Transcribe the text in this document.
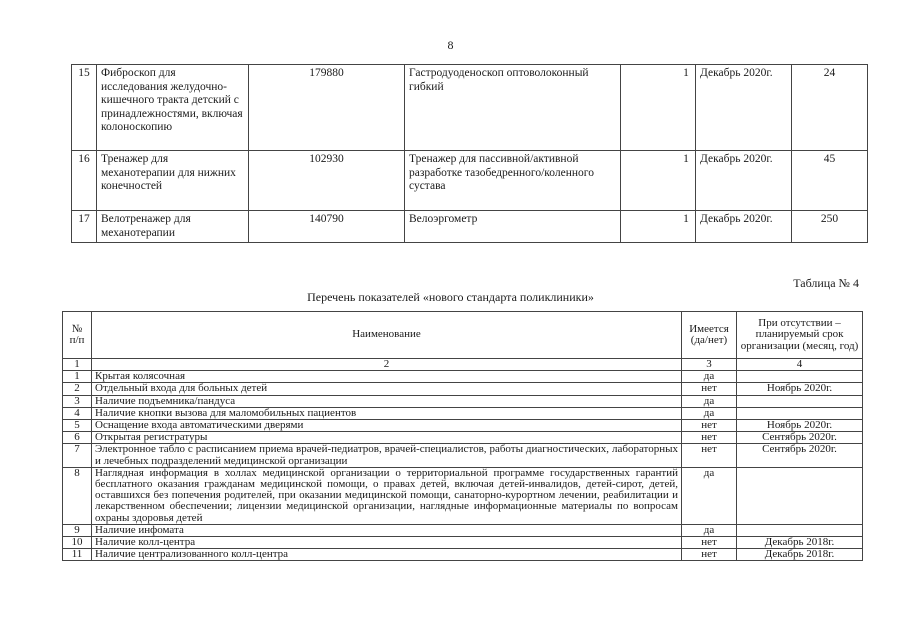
8
15	Фиброскоп для исследования желудочно-кишечного тракта детский с принадлежностями, включая колоноскопию	179880	Гастродуоденоскоп оптоволоконный гибкий	1	Декабрь 2020г.	24
16	Тренажер для механотерапии для нижних конечностей	102930	Тренажер для пассивной/активной разработке тазобедренного/коленного сустава	1	Декабрь 2020г.	45
17	Велотренажер для механотерапии	140790	Велоэргометр	1	Декабрь 2020г.	250
Таблица № 4
Перечень показателей «нового стандарта поликлиники»
№ п/п	Наименование	Имеется (да/нет)	При отсутствии – планируемый срок организации (месяц, год)
1	2	3	4
1	Крытая колясочная	да	
2	Отдельный входа для больных детей	нет	Ноябрь 2020г.
3	Наличие подъемника/пандуса	да	
4	Наличие кнопки вызова для маломобильных пациентов	да	
5	Оснащение входа автоматическими дверями	нет	Ноябрь 2020г.
6	Открытая регистратуры	нет	Сентябрь 2020г.
7	Электронное табло с расписанием приема врачей-педиатров, врачей-специалистов, работы диагностических, лабораторных и лечебных подразделений медицинской организации	нет	Сентябрь 2020г.
8	Наглядная информация в холлах медицинской организации о территориальной программе государственных гарантий бесплатного оказания гражданам медицинской помощи, о правах детей, включая детей-инвалидов, детей-сирот, детей, оставшихся без попечения родителей, при оказании медицинской помощи, санаторно-курортном лечении, реабилитации и лекарственном обеспечении; лицензии медицинской организации, наглядные информационные материалы по вопросам охраны здоровья детей	да	
9	Наличие инфомата	да	
10	Наличие колл-центра	нет	Декабрь 2018г.
11	Наличие централизованного колл-центра	нет	Декабрь 2018г.
